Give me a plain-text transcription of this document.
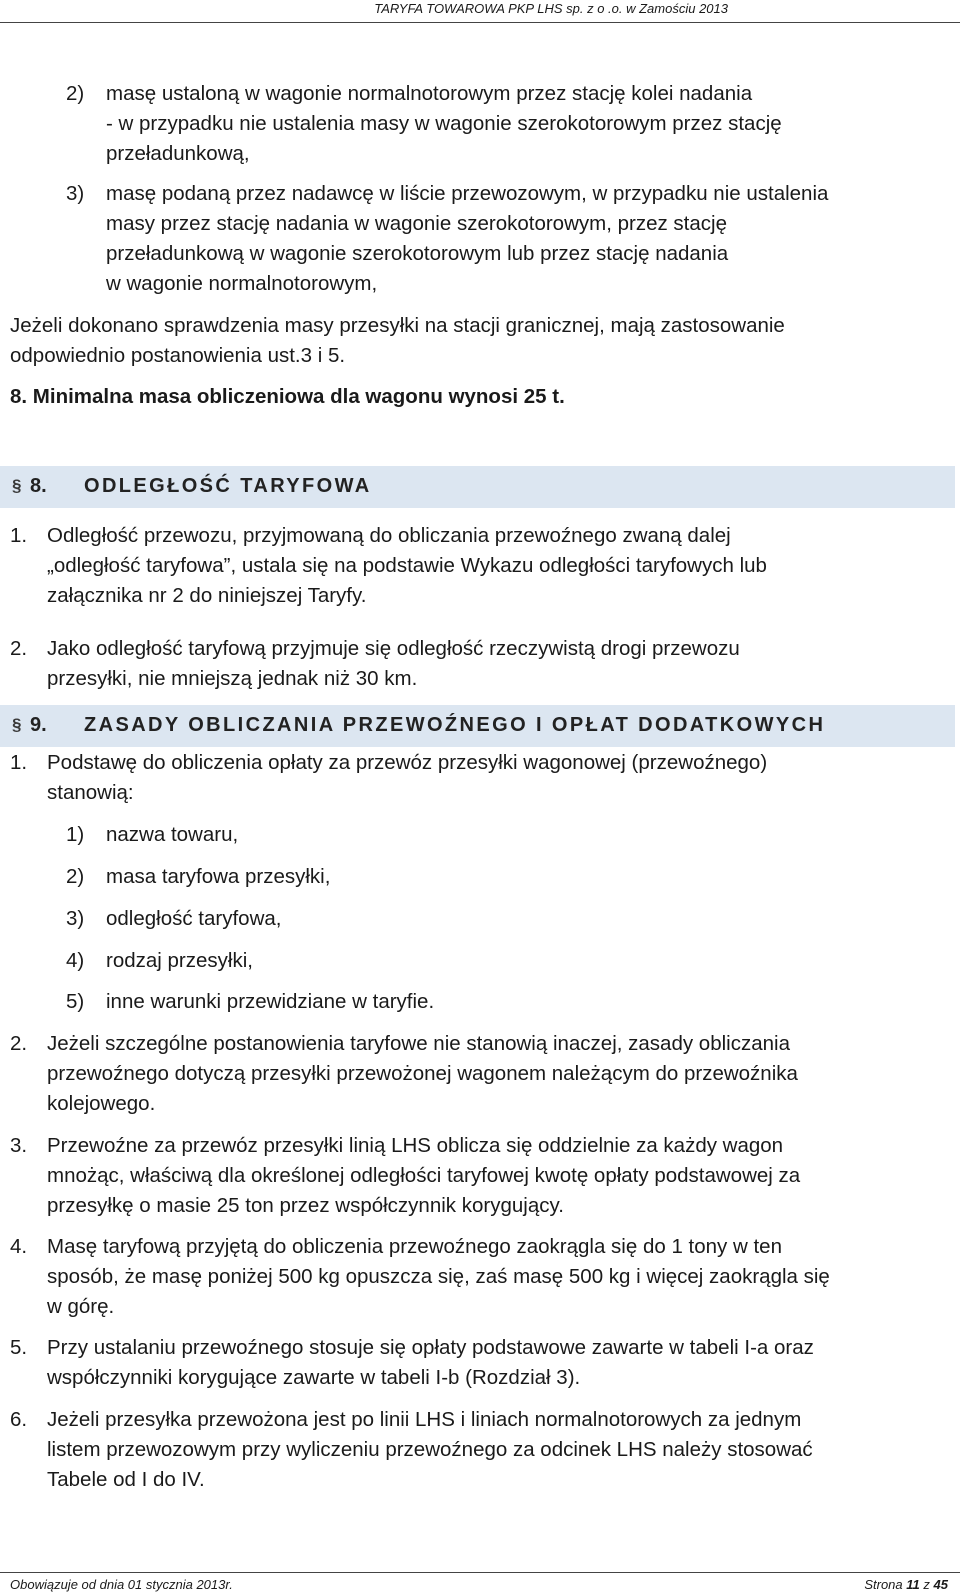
TARYFA TOWAROWA PKP LHS sp. z o .o. w Zamościu 2013
2) masę ustaloną w wagonie normalnotorowym przez stację kolei nadania
- w przypadku nie ustalenia masy w wagonie szerokotorowym przez stację
przeładunkową,

3) masę podaną przez nadawcę w liście przewozowym, w przypadku nie ustalenia
masy przez stację nadania w wagonie szerokotorowym, przez stację
przeładunkową w wagonie szerokotorowym lub przez stację nadania
w wagonie normalnotorowym,

Jeżeli dokonano sprawdzenia masy przesyłki na stacji granicznej, mają zastosowanie
odpowiednio postanowienia ust.3 i 5.

8. Minimalna masa obliczeniowa dla wagonu wynosi 25 t.

§ 8. ODLEGŁOŚĆ TARYFOWA
1. Odległość przewozu, przyjmowaną do obliczania przewoźnego zwaną dalej
„odległość taryfowa”, ustala się na podstawie Wykazu odległości taryfowych lub
załącznika nr 2 do niniejszej Taryfy.

2. Jako odległość taryfową przyjmuje się odległość rzeczywistą drogi przewozu
przesyłki, nie mniejszą jednak niż 30 km.

§ 9. ZASADY OBLICZANIA PRZEWOŹNEGO I OPŁAT DODATKOWYCH
1. Podstawę do obliczenia opłaty za przewóz przesyłki wagonowej (przewoźnego)
stanowią:

1) nazwa towaru,
2) masa taryfowa przesyłki,
3) odległość taryfowa,
4) rodzaj przesyłki,
5) inne warunki przewidziane w taryfie.
2. Jeżeli szczególne postanowienia taryfowe nie stanowią inaczej, zasady obliczania
przewoźnego dotyczą przesyłki przewożonej wagonem należącym do przewoźnika
kolejowego.

3. Przewoźne za przewóz przesyłki linią LHS oblicza się oddzielnie za każdy wagon
mnożąc, właściwą dla określonej odległości taryfowej kwotę opłaty podstawowej za
przesyłkę o masie 25 ton przez współczynnik korygujący.

4. Masę taryfową przyjętą do obliczenia przewoźnego zaokrągla się do 1 tony w ten
sposób, że masę poniżej 500 kg opuszcza się, zaś masę 500 kg i więcej zaokrągla się
w górę.

5. Przy ustalaniu przewoźnego stosuje się opłaty podstawowe zawarte w tabeli I-a oraz
współczynniki korygujące zawarte w tabeli I-b (Rozdział 3).

6. Jeżeli przesyłka przewożona jest po linii LHS i liniach normalnotorowych za jednym
listem przewozowym przy wyliczeniu przewoźnego za odcinek LHS należy stosować
Tabele od I do IV.

Obowiązuje od dnia 01 stycznia 2013r.	Strona 11 z 45
